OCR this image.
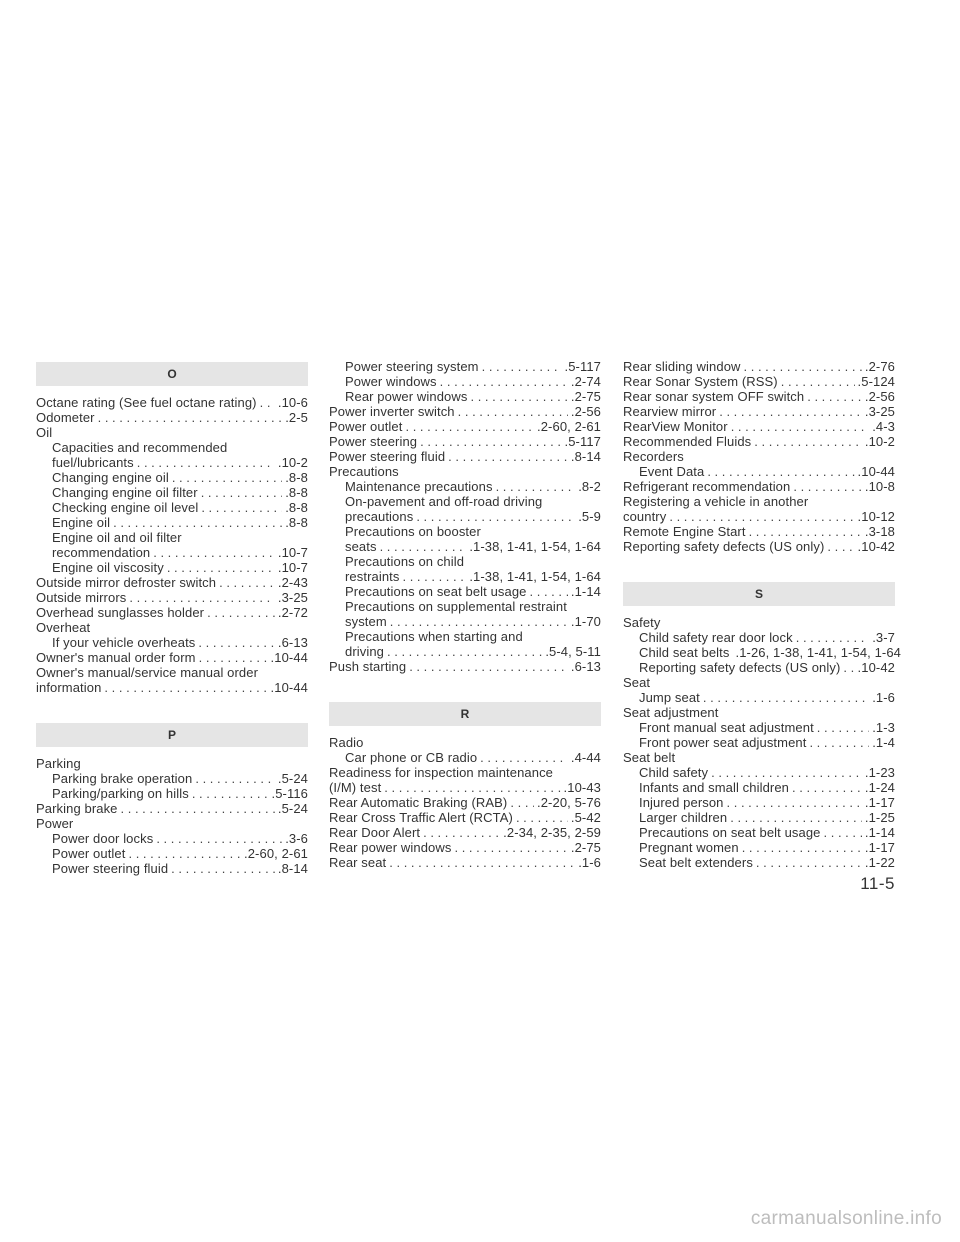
O
Octane rating (See fuel octane rating) . . . .10-6
Odometer . . .	.2-5
Oil
Capacities and recommended
fuel/lubricants . . .	.10-2
Changing engine oil . . .	.8-8
Changing engine oil filter . . .	.8-8
Checking engine oil level . . .	.8-8
Engine oil . . .	.8-8
Engine oil and oil filter
recommendation . . .	.10-7
Engine oil viscosity . . .	.10-7
Outside mirror defroster switch . . .	.2-43
Outside mirrors . . .	.3-25
Overhead sunglasses holder . . .	.2-72
Overheat
If your vehicle overheats . . .	.6-13
Owner's manual order form . . .	.10-44
Owner's manual/service manual order
information . . .	.10-44
P
Parking
Parking brake operation . . .	.5-24
Parking/parking on hills . . .	.5-116
Parking brake . . .	.5-24
Power
Power door locks . . .	.3-6
Power outlet . . .	.2-60, 2-61
Power steering fluid . . .	.8-14
Power steering system . . .	.5-117
Power windows . . .	.2-74
Rear power windows . . .	.2-75
Power inverter switch . . .	.2-56
Power outlet . . .	.2-60, 2-61
Power steering . . .	.5-117
Power steering fluid . . .	.8-14
Precautions
Maintenance precautions . . .	.8-2
On-pavement and off-road driving
precautions . . .	.5-9
Precautions on booster
seats . . .	.1-38, 1-41, 1-54, 1-64
Precautions on child
restraints . . .	.1-38, 1-41, 1-54, 1-64
Precautions on seat belt usage . . .	.1-14
Precautions on supplemental restraint
system . . .	.1-70
Precautions when starting and
driving . . .	.5-4, 5-11
Push starting . . .	.6-13
R
Radio
Car phone or CB radio . . .	.4-44
Readiness for inspection maintenance
(I/M) test . . .	.10-43
Rear Automatic Braking (RAB) . . . .2-20, 5-76
Rear Cross Traffic Alert (RCTA) . . .	.5-42
Rear Door Alert . . .	.2-34, 2-35, 2-59
Rear power windows . . .	.2-75
Rear seat . . .	.1-6
Rear sliding window . . .	.2-76
Rear Sonar System (RSS) . . .	.5-124
Rear sonar system OFF switch . . .	.2-56
Rearview mirror . . .	.3-25
RearView Monitor . . .	.4-3
Recommended Fluids . . .	.10-2
Recorders
Event Data . . .	.10-44
Refrigerant recommendation . . .	.10-8
Registering a vehicle in another
country . . .	.10-12
Remote Engine Start . . .	.3-18
Reporting safety defects (US only) . . .	.10-42
S
Safety
Child safety rear door lock . . .	.3-7
Child seat belts .1-26, 1-38, 1-41, 1-54, 1-64
Reporting safety defects (US only) . . . .10-42
Seat
Jump seat . . .	.1-6
Seat adjustment
Front manual seat adjustment . . .	.1-3
Front power seat adjustment . . .	.1-4
Seat belt
Child safety . . .	.1-23
Infants and small children . . .	.1-24
Injured person . . .	.1-17
Larger children . . .	.1-25
Precautions on seat belt usage . . .	.1-14
Pregnant women . . .	.1-17
Seat belt extenders . . .	.1-22
11-5
carmanualsonline.info
